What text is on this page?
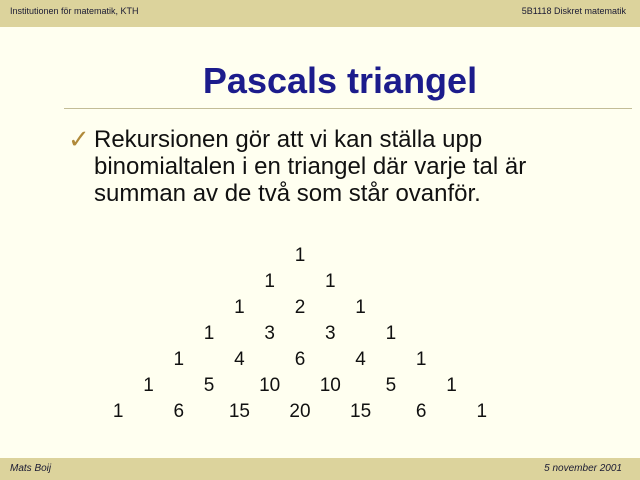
Institutionen för matematik, KTH	5B1118 Diskret matematik
Pascals triangel
✓ Rekursionen gör att vi kan ställa upp binomialtalen i en triangel där varje tal är summan av de två som står ovanför.
1
1	1
1	2	1
1	3	3	1
1	4	6	4	1
1	5 10 10 5	1
1	6 15 20 15 6	1
Mats Boij	5 november 2001
